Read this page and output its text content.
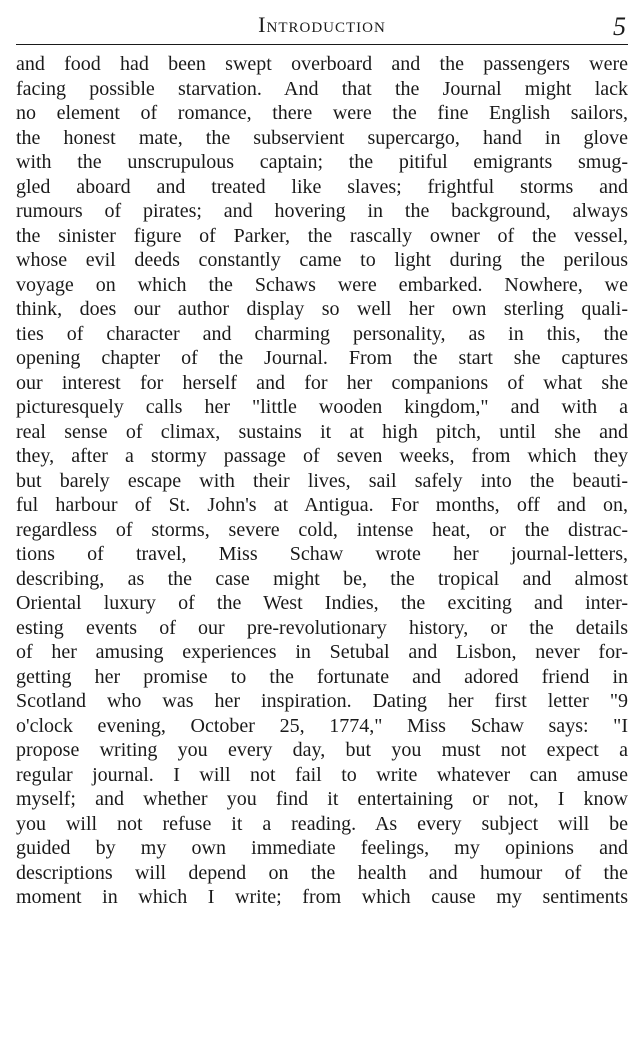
Introduction	5
and food had been swept overboard and the passengers were
facing possible starvation. And that the Journal might lack
no element of romance, there were the fine English sailors,
the honest mate, the subservient supercargo, hand in glove
with the unscrupulous captain; the pitiful emigrants smug-
gled aboard and treated like slaves; frightful storms and
rumours of pirates; and hovering in the background, always
the sinister figure of Parker, the rascally owner of the vessel,
whose evil deeds constantly came to light during the perilous
voyage on which the Schaws were embarked. Nowhere, we
think, does our author display so well her own sterling quali-
ties of character and charming personality, as in this, the
opening chapter of the Journal. From the start she captures
our interest for herself and for her companions of what she
picturesquely calls her "little wooden kingdom," and with a
real sense of climax, sustains it at high pitch, until she and
they, after a stormy passage of seven weeks, from which they
but barely escape with their lives, sail safely into the beauti-
ful harbour of St. John's at Antigua. For months, off and on,
regardless of storms, severe cold, intense heat, or the distrac-
tions of travel, Miss Schaw wrote her journal-letters,
describing, as the case might be, the tropical and almost
Oriental luxury of the West Indies, the exciting and inter-
esting events of our pre-revolutionary history, or the details
of her amusing experiences in Setubal and Lisbon, never for-
getting her promise to the fortunate and adored friend in
Scotland who was her inspiration. Dating her first letter "9
o'clock evening, October 25, 1774," Miss Schaw says: "I
propose writing you every day, but you must not expect a
regular journal. I will not fail to write whatever can amuse
myself; and whether you find it entertaining or not, I know
you will not refuse it a reading. As every subject will be
guided by my own immediate feelings, my opinions and
descriptions will depend on the health and humour of the
moment in which I write; from which cause my sentiments
